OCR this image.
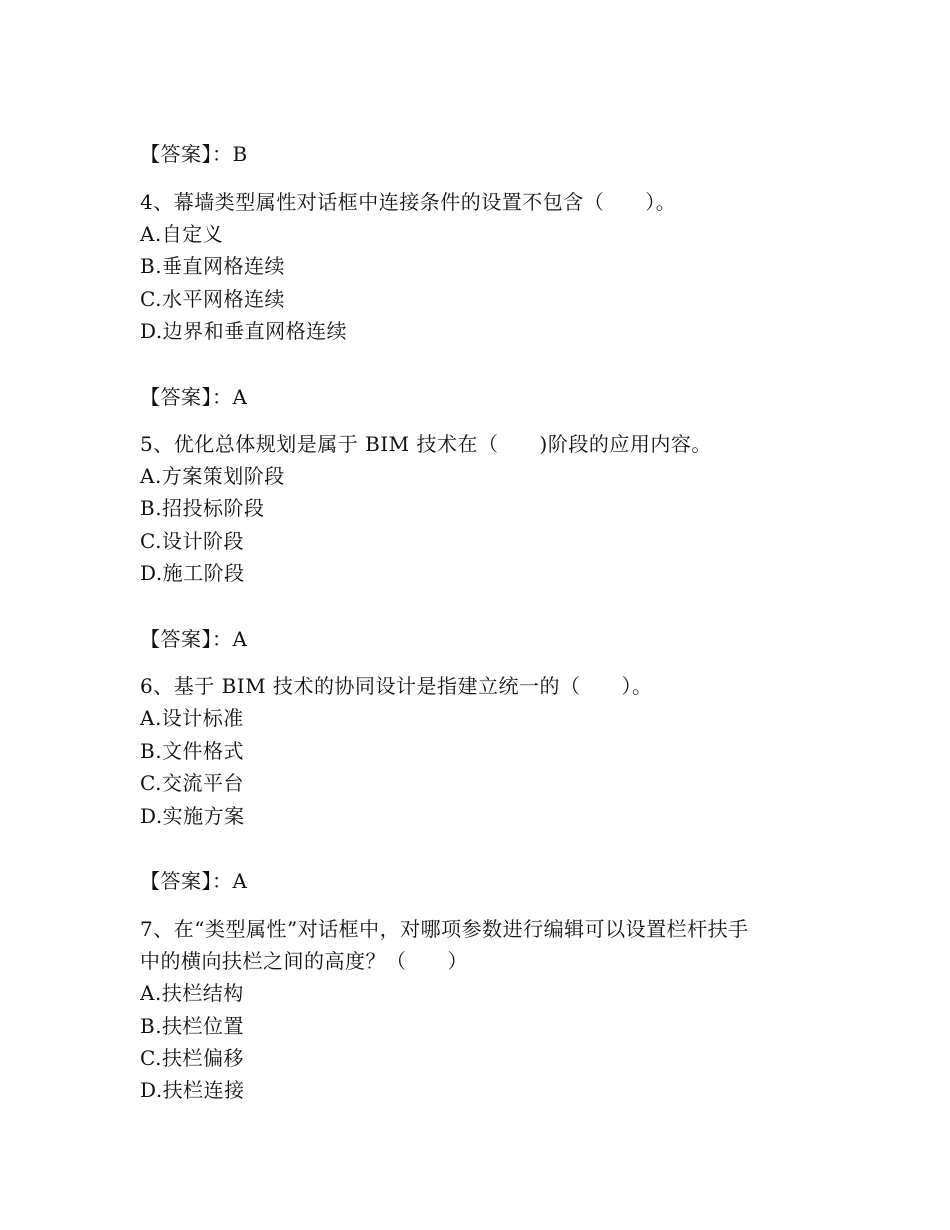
【答案】：B
4、幕墙类型属性对话框中连接条件的设置不包含（　　）。
A.自定义
B.垂直网格连续
C.水平网格连续
D.边界和垂直网格连续
【答案】：A
5、优化总体规划是属于 BIM 技术在（　　)阶段的应用内容。
A.方案策划阶段
B.招投标阶段
C.设计阶段
D.施工阶段
【答案】：A
6、基于 BIM 技术的协同设计是指建立统一的（　　）。
A.设计标准
B.文件格式
C.交流平台
D.实施方案
【答案】：A
7、在“类型属性”对话框中，对哪项参数进行编辑可以设置栏杆扶手
中的横向扶栏之间的高度？（　　）
A.扶栏结构
B.扶栏位置
C.扶栏偏移
D.扶栏连接
